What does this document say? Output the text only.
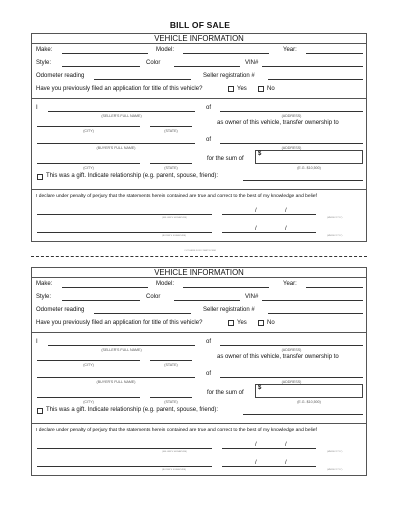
BILL OF SALE
VEHICLE INFORMATION
Make:	Model:	Year:
Style:	Color	VIN#
Odometer reading	Seller registration #
Have you previously filed an application for title of this vehicle?	Yes	No
I
(SELLER'S FULL NAME)
of
(ADDRESS)
(CITY)	(STATE)
as owner of this vehicle, transfer ownership to
(BUYER'S FULL NAME)
of
(ADDRESS)
(CITY)	(STATE)
for the sum of
$
(E.G. $10,500)
This was a gift. Indicate relationship (e.g. parent, spouse, friend):
I declare under penalty of perjury that the statements herein contained are true and correct to the best of my knowledge and belief
(SELLER'S SIGNATURE)
/	/
(MM/DD/YYYY)
(BUYER'S SIGNATURE)
/	/
(MM/DD/YYYY)
VEHICLE INFORMATION
Make:	Model:	Year:
Style:	Color	VIN#
Odometer reading	Seller registration #
Have you previously filed an application for title of this vehicle?	Yes	No
I
(SELLER'S FULL NAME)
of
(ADDRESS)
(CITY)	(STATE)
as owner of this vehicle, transfer ownership to
(BUYER'S FULL NAME)
of
(ADDRESS)
(CITY)	(STATE)
for the sum of
$
(E.G. $10,500)
This was a gift. Indicate relationship (e.g. parent, spouse, friend):
I declare under penalty of perjury that the statements herein contained are true and correct to the best of my knowledge and belief
(SELLER'S SIGNATURE)
/	/
(MM/DD/YYYY)
(BUYER'S SIGNATURE)
/	/
(MM/DD/YYYY)
CUT HERE FOR 2 PART FORM
